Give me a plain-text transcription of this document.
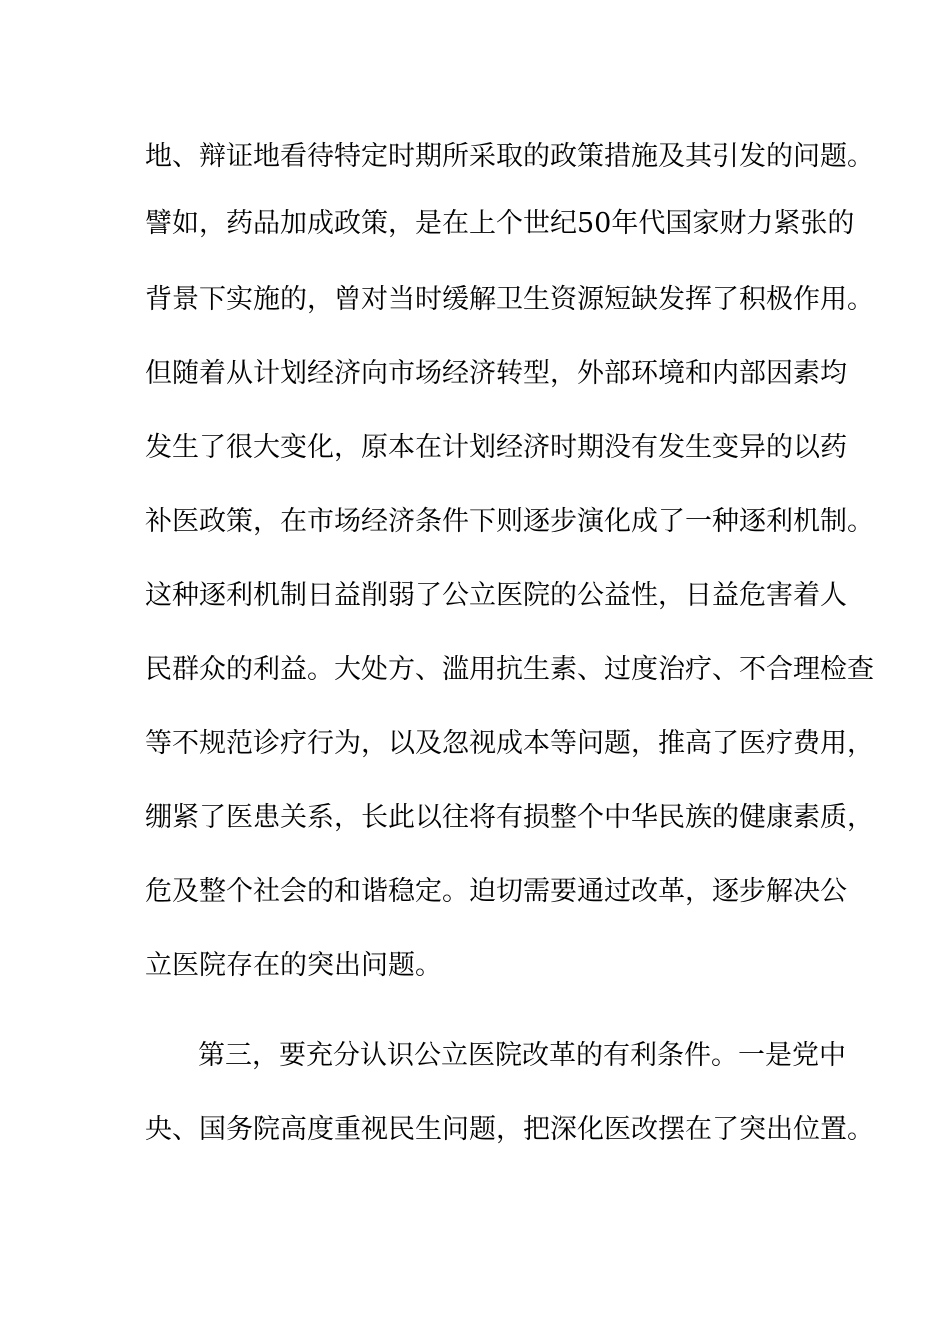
地、辩证地看待特定时期所采取的政策措施及其引发的问题。
譬如，药品加成政策，是在上个世纪50年代国家财力紧张的
背景下实施的，曾对当时缓解卫生资源短缺发挥了积极作用。
但随着从计划经济向市场经济转型，外部环境和内部因素均
发生了很大变化，原本在计划经济时期没有发生变异的以药
补医政策，在市场经济条件下则逐步演化成了一种逐利机制。
这种逐利机制日益削弱了公立医院的公益性，日益危害着人
民群众的利益。大处方、滥用抗生素、过度治疗、不合理检查
等不规范诊疗行为，以及忽视成本等问题，推高了医疗费用，
绷紧了医患关系，长此以往将有损整个中华民族的健康素质，
危及整个社会的和谐稳定。迫切需要通过改革，逐步解决公
立医院存在的突出问题。
第三，要充分认识公立医院改革的有利条件。一是党中
央、国务院高度重视民生问题，把深化医改摆在了突出位置。
